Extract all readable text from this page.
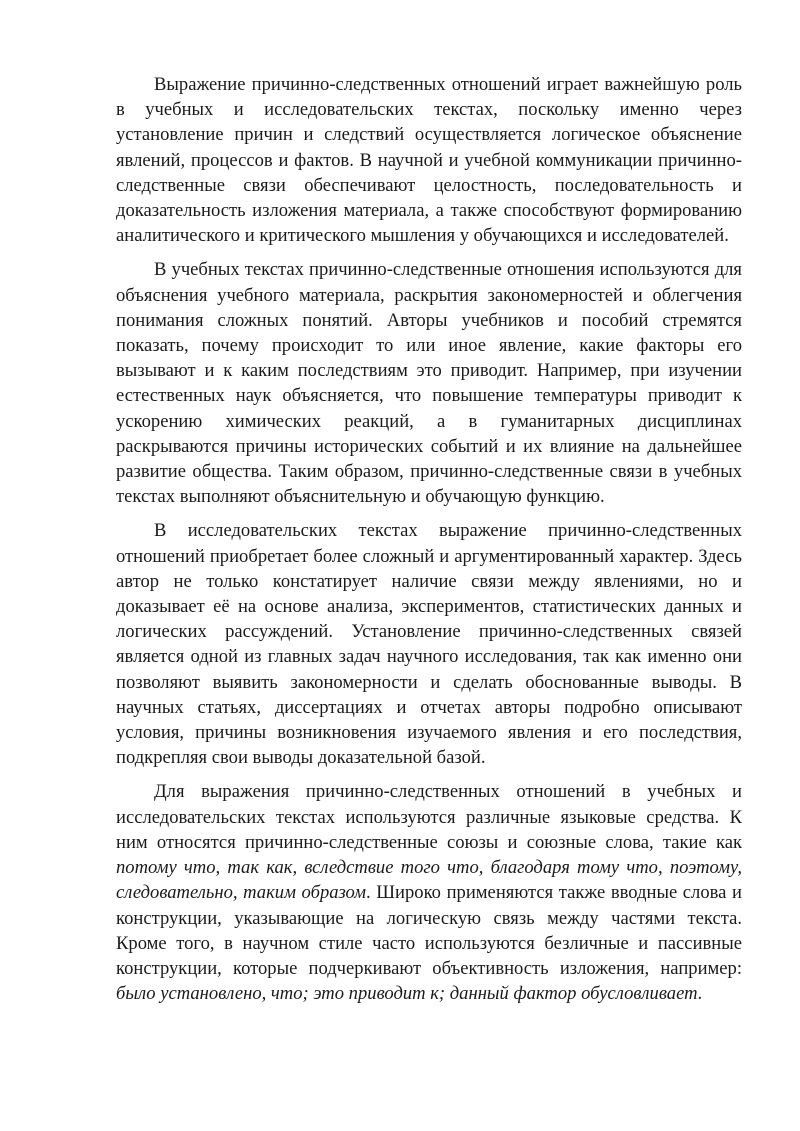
Выражение причинно-следственных отношений играет важнейшую роль в учебных и исследовательских текстах, поскольку именно через установление причин и следствий осуществляется логическое объяснение явлений, процессов и фактов. В научной и учебной коммуникации причинно-следственные связи обеспечивают целостность, последовательность и доказательность изложения материала, а также способствуют формированию аналитического и критического мышления у обучающихся и исследователей.

В учебных текстах причинно-следственные отношения используются для объяснения учебного материала, раскрытия закономерностей и облегчения понимания сложных понятий. Авторы учебников и пособий стремятся показать, почему происходит то или иное явление, какие факторы его вызывают и к каким последствиям это приводит. Например, при изучении естественных наук объясняется, что повышение температуры приводит к ускорению химических реакций, а в гуманитарных дисциплинах раскрываются причины исторических событий и их влияние на дальнейшее развитие общества. Таким образом, причинно-следственные связи в учебных текстах выполняют объяснительную и обучающую функцию.

В исследовательских текстах выражение причинно-следственных отношений приобретает более сложный и аргументированный характер. Здесь автор не только констатирует наличие связи между явлениями, но и доказывает её на основе анализа, экспериментов, статистических данных и логических рассуждений. Установление причинно-следственных связей является одной из главных задач научного исследования, так как именно они позволяют выявить закономерности и сделать обоснованные выводы. В научных статьях, диссертациях и отчетах авторы подробно описывают условия, причины возникновения изучаемого явления и его последствия, подкрепляя свои выводы доказательной базой.

Для выражения причинно-следственных отношений в учебных и исследовательских текстах используются различные языковые средства. К ним относятся причинно-следственные союзы и союзные слова, такие как потому что, так как, вследствие того что, благодаря тому что, поэтому, следовательно, таким образом. Широко применяются также вводные слова и конструкции, указывающие на логическую связь между частями текста. Кроме того, в научном стиле часто используются безличные и пассивные конструкции, которые подчеркивают объективность изложения, например: было установлено, что; это приводит к; данный фактор обусловливает.
